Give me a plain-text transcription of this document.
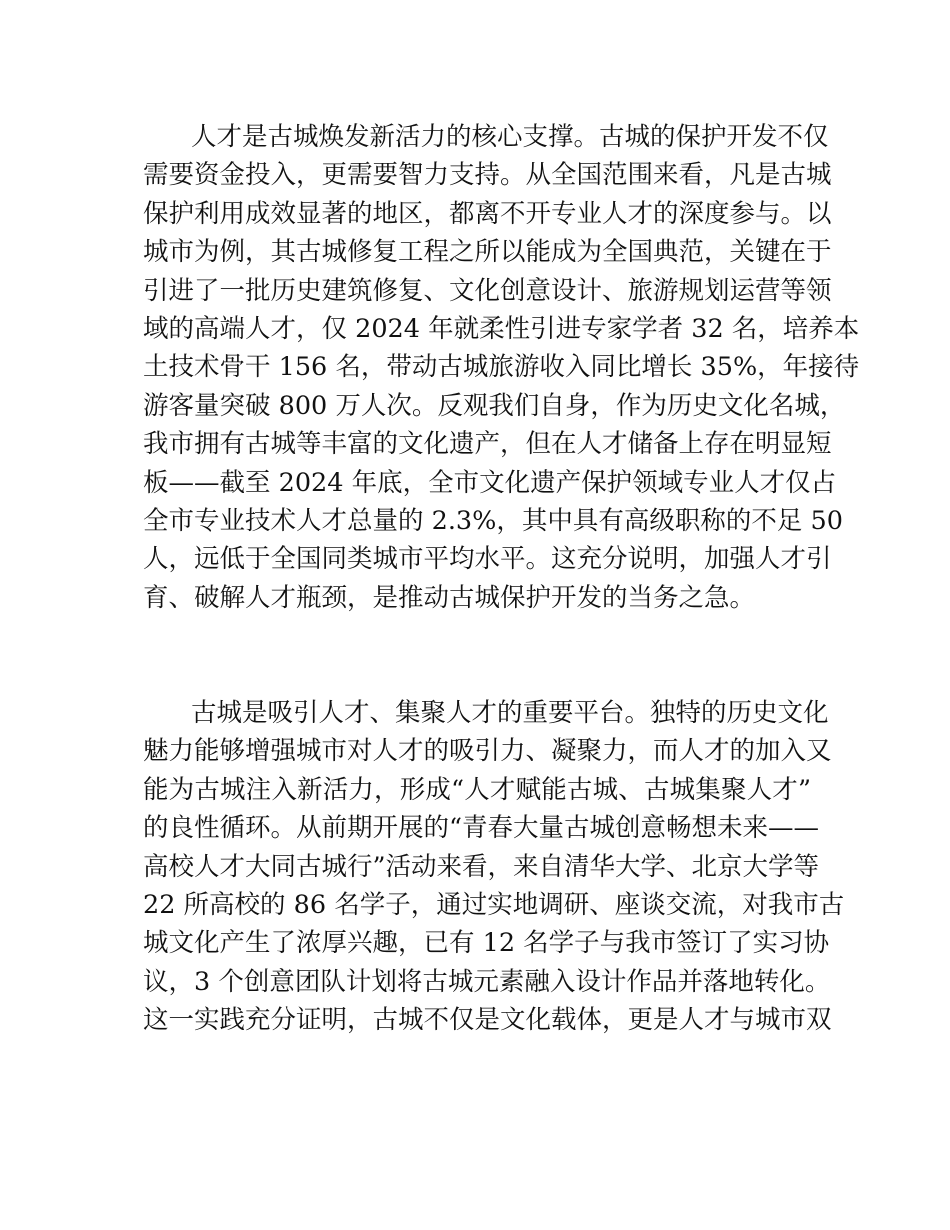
人才是古城焕发新活力的核心支撑。古城的保护开发不仅
需要资金投入，更需要智力支持。从全国范围来看，凡是古城
保护利用成效显著的地区，都离不开专业人才的深度参与。以
城市为例，其古城修复工程之所以能成为全国典范，关键在于
引进了一批历史建筑修复、文化创意设计、旅游规划运营等领
域的高端人才，仅 2024 年就柔性引进专家学者 32 名，培养本
土技术骨干 156 名，带动古城旅游收入同比增长 35%，年接待
游客量突破 800 万人次。反观我们自身，作为历史文化名城，
我市拥有古城等丰富的文化遗产，但在人才储备上存在明显短
板——截至 2024 年底，全市文化遗产保护领域专业人才仅占
全市专业技术人才总量的 2.3%，其中具有高级职称的不足 50
人，远低于全国同类城市平均水平。这充分说明，加强人才引
育、破解人才瓶颈，是推动古城保护开发的当务之急。
古城是吸引人才、集聚人才的重要平台。独特的历史文化
魅力能够增强城市对人才的吸引力、凝聚力，而人才的加入又
能为古城注入新活力，形成“人才赋能古城、古城集聚人才”
的良性循环。从前期开展的“青春大量古城创意畅想未来——
高校人才大同古城行”活动来看，来自清华大学、北京大学等
22 所高校的 86 名学子，通过实地调研、座谈交流，对我市古
城文化产生了浓厚兴趣，已有 12 名学子与我市签订了实习协
议，3 个创意团队计划将古城元素融入设计作品并落地转化。
这一实践充分证明，古城不仅是文化载体，更是人才与城市双
